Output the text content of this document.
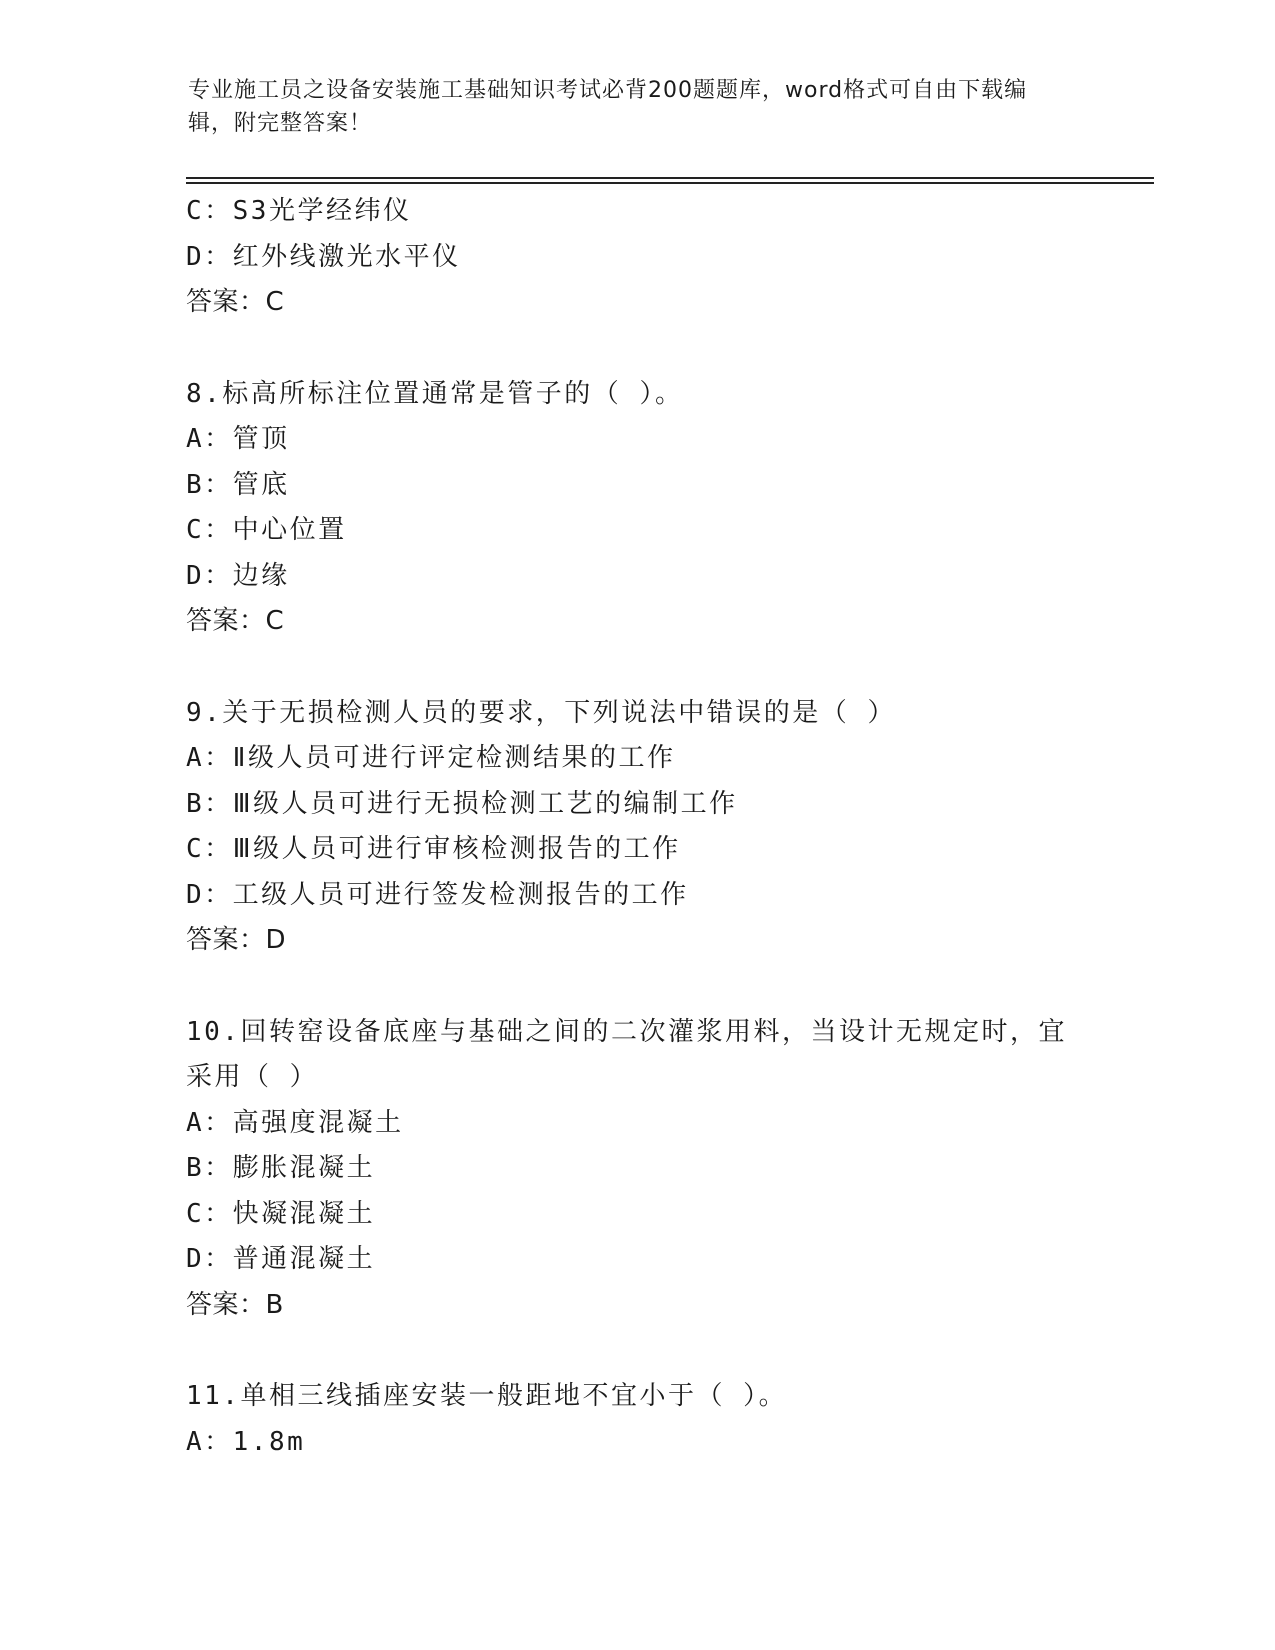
专业施工员之设备安装施工基础知识考试必背200题题库，word格式可自由下载编辑，附完整答案！
C：S3光学经纬仪
D：红外线激光水平仪
答案：C
8.标高所标注位置通常是管子的（ ）。
A：管顶
B：管底
C：中心位置
D：边缘
答案：C
9.关于无损检测人员的要求，下列说法中错误的是（ ）
A：Ⅱ级人员可进行评定检测结果的工作
B：Ⅲ级人员可进行无损检测工艺的编制工作
C：Ⅲ级人员可进行审核检测报告的工作
D：工级人员可进行签发检测报告的工作
答案：D
10.回转窑设备底座与基础之间的二次灌浆用料，当设计无规定时，宜采用（ ）
A：高强度混凝土
B：膨胀混凝土
C：快凝混凝土
D：普通混凝土
答案：B
11.单相三线插座安装一般距地不宜小于（ ）。
A：1.8m
